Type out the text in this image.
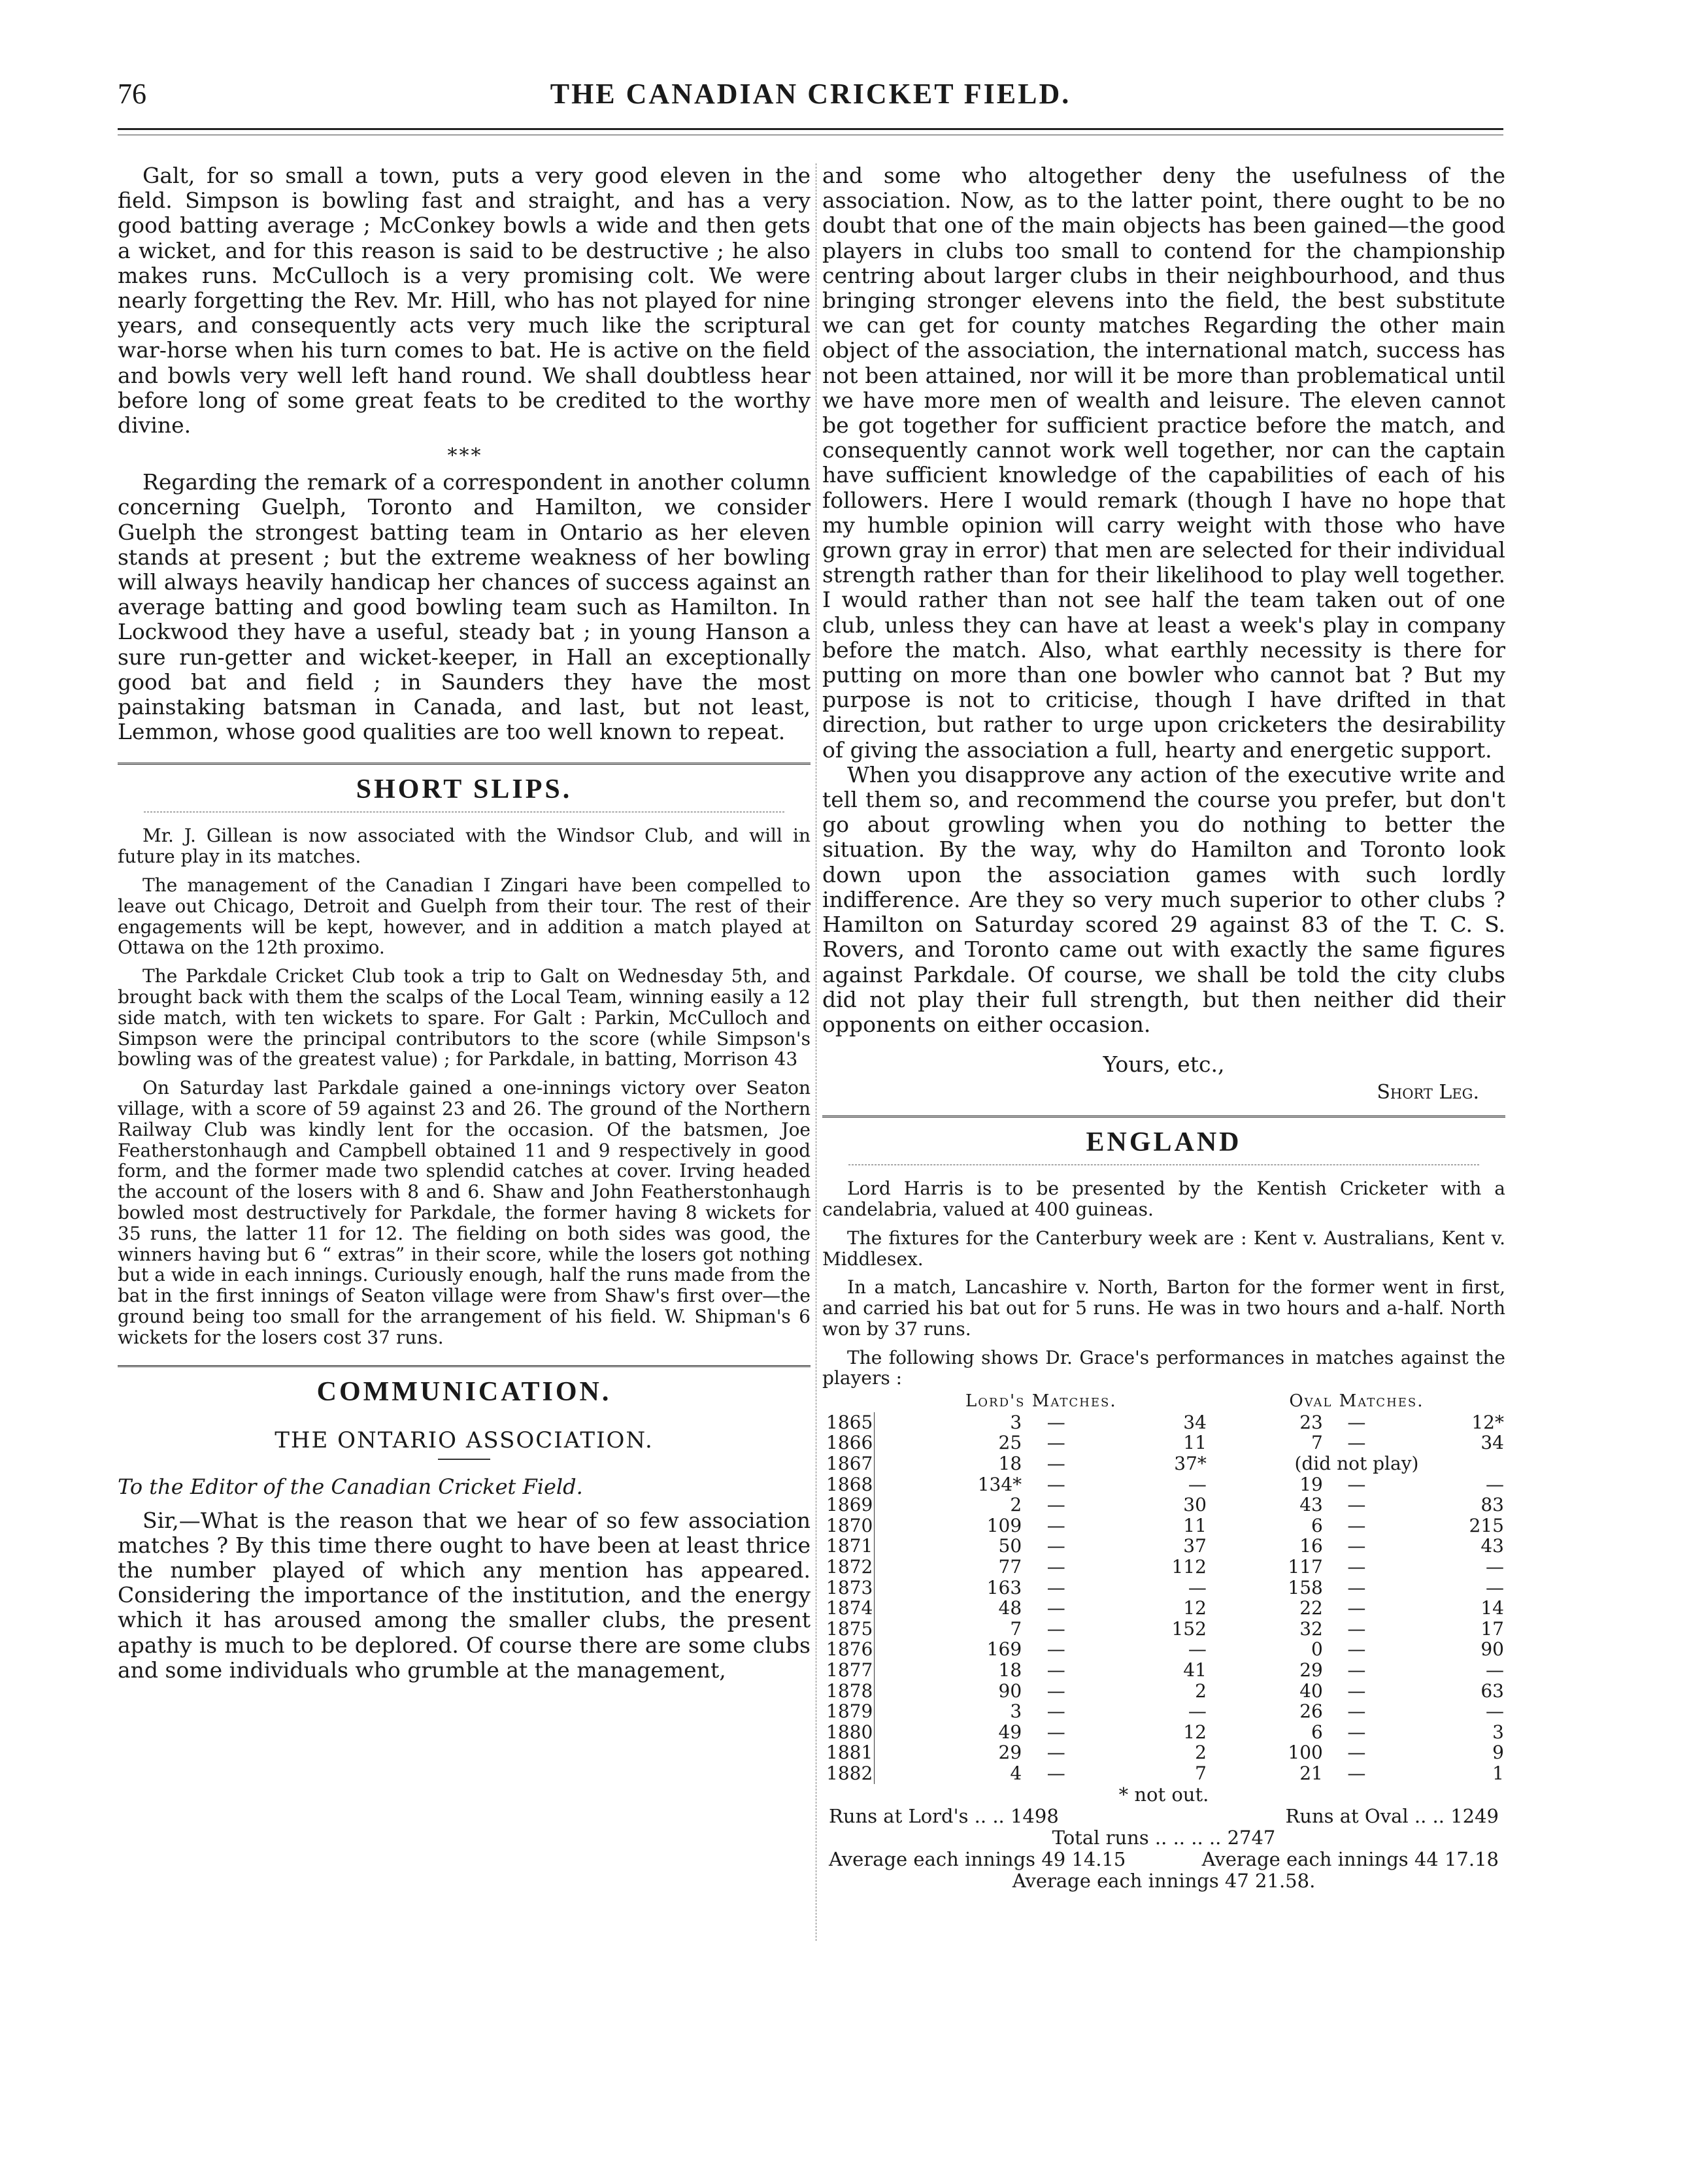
76	THE CANADIAN CRICKET FIELD.

Galt, for so small a town, puts a very good eleven in the field. Simpson is bowling fast and straight, and has a very good batting average ; McConkey bowls a wide and then gets a wicket, and for this reason is said to be destructive ; he also makes runs. McCulloch is a very promising colt. We were nearly forgetting the Rev. Mr. Hill, who has not played for nine years, and consequently acts very much like the scriptural war-horse when his turn comes to bat. He is active on the field and bowls very well left hand round. We shall doubtless hear before long of some great feats to be credited to the worthy divine.

* * *

Regarding the remark of a correspondent in another column concerning Guelph, Toronto and Hamilton, we consider Guelph the strongest batting team in Ontario as her eleven stands at present ; but the extreme weakness of her bowling will always heavily handicap her chances of success against an average batting and good bowling team such as Hamilton. In Lockwood they have a useful, steady bat ; in young Hanson a sure run-getter and wicket-keeper, in Hall an exceptionally good bat and field ; in Saunders they have the most painstaking batsman in Canada, and last, but not least, Lemmon, whose good qualities are too well known to repeat.

SHORT SLIPS.

Mr. J. Gillean is now associated with the Windsor Club, and will in future play in its matches.

The management of the Canadian I Zingari have been compelled to leave out Chicago, Detroit and Guelph from their tour. The rest of their engagements will be kept, however, and in addition a match played at Ottawa on the 12th proximo.

The Parkdale Cricket Club took a trip to Galt on Wednesday 5th, and brought back with them the scalps of the Local Team, winning easily a 12 side match, with ten wickets to spare. For Galt : Parkin, McCulloch and Simpson were the principal contributors to the score (while Simpson's bowling was of the greatest value) ; for Parkdale, in batting, Morrison 43

On Saturday last Parkdale gained a one-innings victory over Seaton village, with a score of 59 against 23 and 26. The ground of the Northern Railway Club was kindly lent for the occasion. Of the batsmen, Joe Featherstonhaugh and Campbell obtained 11 and 9 respectively in good form, and the former made two splendid catches at cover. Irving headed the account of the losers with 8 and 6. Shaw and John Featherstonhaugh bowled most destructively for Parkdale, the former having 8 wickets for 35 runs, the latter 11 for 12. The fielding on both sides was good, the winners having but 6 “ extras” in their score, while the losers got nothing but a wide in each innings. Curiously enough, half the runs made from the bat in the first innings of Seaton village were from Shaw's first over—the ground being too small for the arrangement of his field. W. Shipman's 6 wickets for the losers cost 37 runs.

COMMUNICATION.
THE ONTARIO ASSOCIATION.
To the Editor of the Canadian Cricket Field.

Sir,—What is the reason that we hear of so few association matches ? By this time there ought to have been at least thrice the number played of which any mention has appeared. Considering the importance of the institution, and the energy which it has aroused among the smaller clubs, the present apathy is much to be deplored. Of course there are some clubs and some individuals who grumble at the management,

and some who altogether deny the usefulness of the association. Now, as to the latter point, there ought to be no doubt that one of the main objects has been gained—the good players in clubs too small to contend for the championship centring about larger clubs in their neighbourhood, and thus bringing stronger elevens into the field, the best substitute we can get for county matches Regarding the other main object of the association, the international match, success has not been attained, nor will it be more than problematical until we have more men of wealth and leisure. The eleven cannot be got together for sufficient practice before the match, and consequently cannot work well together, nor can the captain have sufficient knowledge of the capabilities of each of his followers. Here I would remark (though I have no hope that my humble opinion will carry weight with those who have grown gray in error) that men are selected for their individual strength rather than for their likelihood to play well together. I would rather than not see half the team taken out of one club, unless they can have at least a week's play in company before the match. Also, what earthly necessity is there for putting on more than one bowler who cannot bat ? But my purpose is not to criticise, though I have drifted in that direction, but rather to urge upon cricketers the desirability of giving the association a full, hearty and energetic support.

When you disapprove any action of the executive write and tell them so, and recommend the course you prefer, but don't go about growling when you do nothing to better the situation. By the way, why do Hamilton and Toronto look down upon the association games with such lordly indifference. Are they so very much superior to other clubs ? Hamilton on Saturday scored 29 against 83 of the T. C. S. Rovers, and Toronto came out with exactly the same figures against Parkdale. Of course, we shall be told the city clubs did not play their full strength, but then neither did their opponents on either occasion.

Yours, etc.,
Short Leg.
ENGLAND

Lord Harris is to be presented by the Kentish Cricketer with a candelabria, valued at 400 guineas.

The fixtures for the Canterbury week are : Kent v. Australians, Kent v. Middlesex.

In a match, Lancashire v. North, Barton for the former went in first, and carried his bat out for 5 runs. He was in two hours and a-half. North won by 37 runs.

The following shows Dr. Grace's performances in matches against the players :

	Lord's Matches.			Oval Matches.		
1865	3	—	34	23	—	12*
1866	25	—	11	7	—	34
1867	18	—	37*	(did not play)		
1868	134*	—	—	19	—	—
1869	2	—	30	43	—	83
1870	109	—	11	6	—	215
1871	50	—	37	16	—	43
1872	77	—	112	117	—	—
1873	163	—	—	158	—	—
1874	48	—	12	22	—	14
1875	7	—	152	32	—	17
1876	169	—	—	0	—	90
1877	18	—	41	29	—	—
1878	90	—	2	40	—	63
1879	3	—	—	26	—	—
1880	49	—	12	6	—	3
1881	29	—	2	100	—	9
1882	4	—	7	21	—	1
* not out.
Runs at Lord's .. .. 1498	Runs at Oval .. .. 1249
Total runs .. .. .. .. 2747
Average each innings 49 14.15	Average each innings 44 17.18
Average each innings 47 21.58.
